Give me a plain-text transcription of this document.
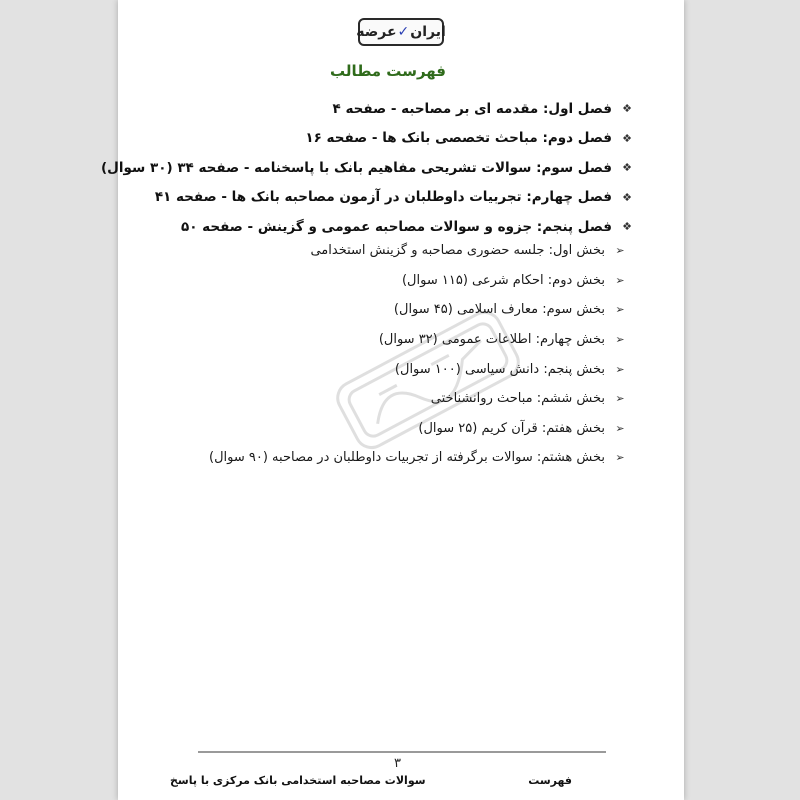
ایران
✓
عرضه
فهرست مطالب
❖
فصل اول: مقدمه ای بر مصاحبه - صفحه ۴
❖
فصل دوم: مباحث تخصصی بانک ها - صفحه ۱۶
❖
فصل سوم: سوالات تشریحی مفاهیم بانک با پاسخنامه - صفحه ۳۴ (۳۰ سوال)
❖
فصل چهارم: تجربیات داوطلبان در آزمون مصاحبه بانک ها - صفحه ۴۱
❖
فصل پنجم: جزوه و سوالات مصاحبه عمومی و گزینش - صفحه ۵۰
➢
بخش اول: جلسه حضوری مصاحبه و گزینش استخدامی
➢
بخش دوم: احکام شرعی (۱۱۵ سوال)
➢
بخش سوم: معارف اسلامی (۴۵ سوال)
➢
بخش چهارم: اطلاعات عمومی (۳۲ سوال)
➢
بخش پنجم: دانش سیاسی (۱۰۰ سوال)
➢
بخش ششم: مباحث روانشناختی
➢
بخش هفتم: قرآن کریم (۲۵ سوال)
➢
بخش هشتم: سوالات برگرفته از تجربیات داوطلبان در مصاحبه (۹۰ سوال)
۳
فهرست
سوالات مصاحبه استخدامی بانک مرکزی با پاسخ
